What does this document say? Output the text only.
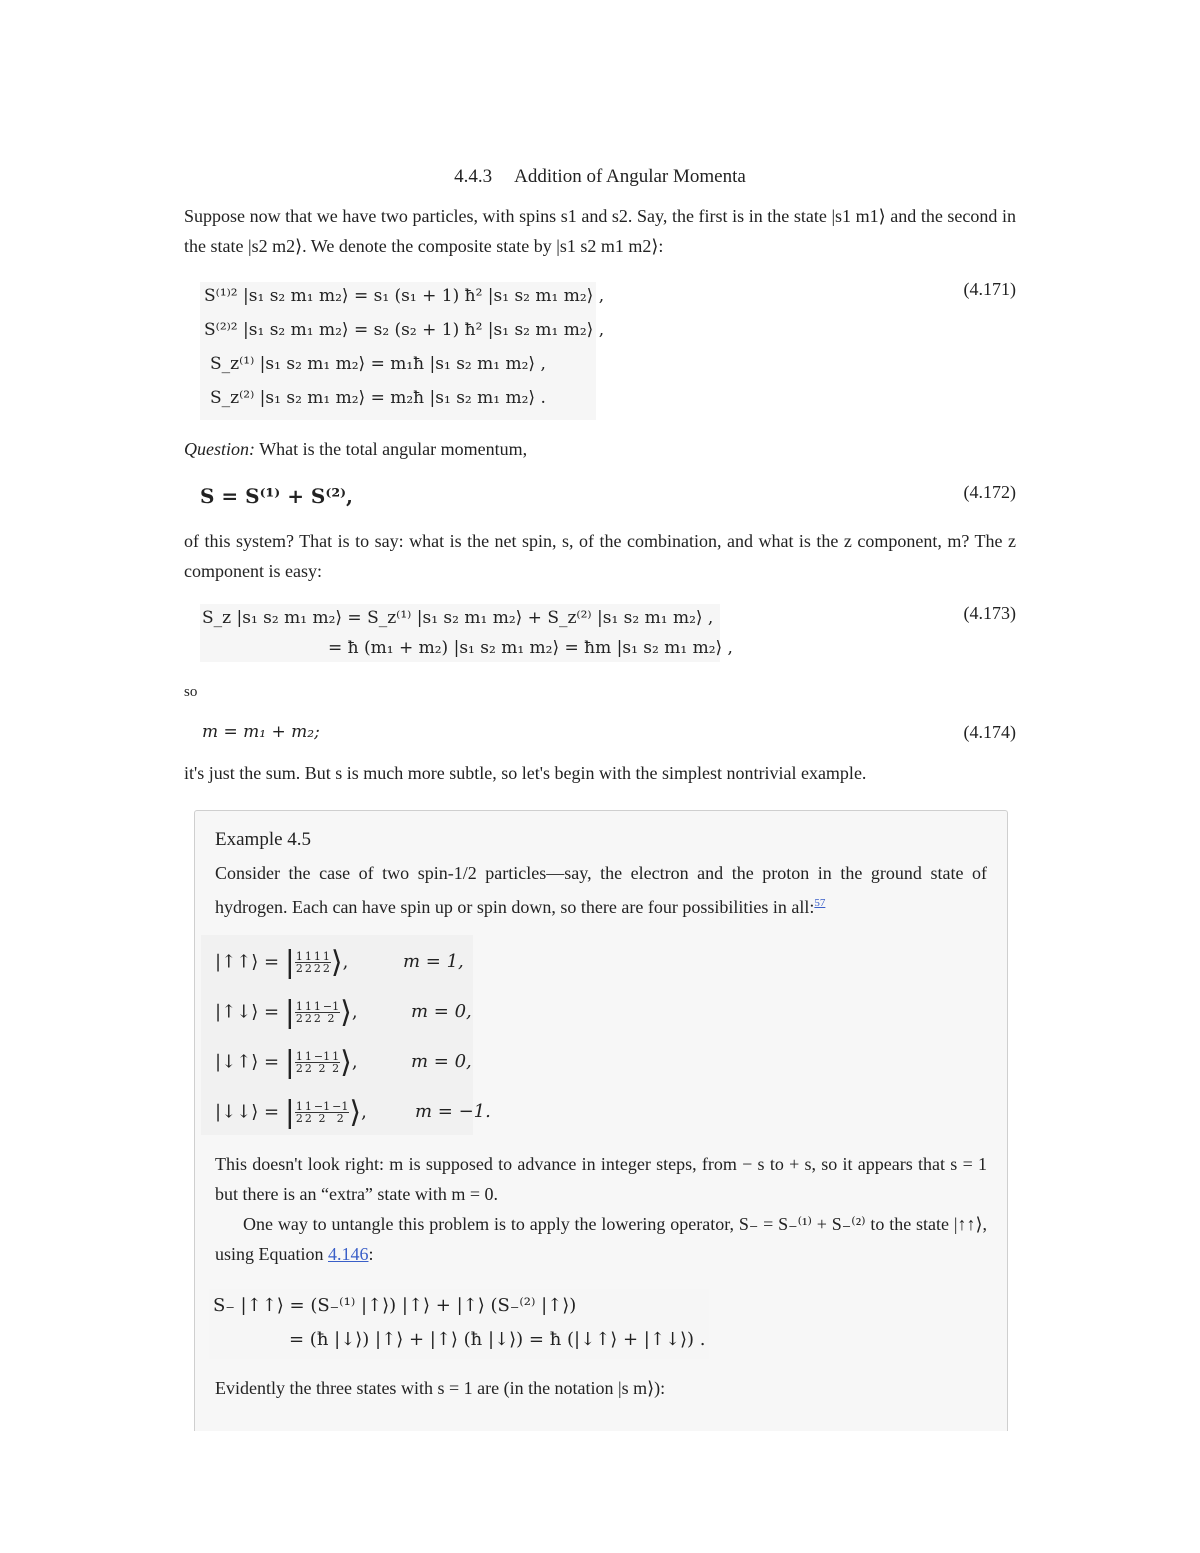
4.4.3 Addition of Angular Momenta
Suppose now that we have two particles, with spins s1 and s2. Say, the first is in the state |s1 m1⟩ and the second in the state |s2 m2⟩. We denote the composite state by |s1 s2 m1 m2⟩:
S⁽¹⁾² |s₁ s₂ m₁ m₂⟩ = s₁ (s₁ + 1) ħ² |s₁ s₂ m₁ m₂⟩ ,
S⁽²⁾² |s₁ s₂ m₁ m₂⟩ = s₂ (s₂ + 1) ħ² |s₁ s₂ m₁ m₂⟩ ,
S_z⁽¹⁾ |s₁ s₂ m₁ m₂⟩ = m₁ħ |s₁ s₂ m₁ m₂⟩ ,
S_z⁽²⁾ |s₁ s₂ m₁ m₂⟩ = m₂ħ |s₁ s₂ m₁ m₂⟩ .
(4.171)
Question: What is the total angular momentum,
S = S⁽¹⁾ + S⁽²⁾,	(4.172)
of this system? That is to say: what is the net spin, s, of the combination, and what is the z component, m? The z component is easy:
S_z |s₁ s₂ m₁ m₂⟩ = S_z⁽¹⁾ |s₁ s₂ m₁ m₂⟩ + S_z⁽²⁾ |s₁ s₂ m₁ m₂⟩ ,
= ħ (m₁ + m₂) |s₁ s₂ m₁ m₂⟩ = ħm |s₁ s₂ m₁ m₂⟩ ,
(4.173)
so
m = m₁ + m₂;	(4.174)
it's just the sum. But s is much more subtle, so let's begin with the simplest nontrivial example.
Example 4.5
Consider the case of two spin-1/2 particles—say, the electron and the proton in the ground state of hydrogen. Each can have spin up or spin down, so there are four possibilities in all:$^{57}$
|↑↑⟩ = | $\frac{1}{2} \frac{1}{2} \frac{1}{2} \frac{1}{2}$ ⟩,	m = 1,
|↑↓⟩ = | $\frac{1}{2} \frac{1}{2} \frac{1}{2} \frac{-1}{2}$ ⟩,	m = 0,
|↓↑⟩ = | $\frac{1}{2} \frac{1}{2} \frac{-1}{2} \frac{1}{2}$ ⟩,	m = 0,
|↓↓⟩ = | $\frac{1}{2} \frac{1}{2} \frac{-1}{2} \frac{-1}{2}$ ⟩,	m = −1.
This doesn't look right: m is supposed to advance in integer steps, from − s to + s, so it appears that s = 1 but there is an “extra” state with m = 0.
One way to untangle this problem is to apply the lowering operator, S₋ = S₋⁽¹⁾ + S₋⁽²⁾ to the state |↑↑⟩, using Equation 4.146:
S₋ |↑↑⟩ = (S₋⁽¹⁾ |↑⟩) |↑⟩ + |↑⟩ (S₋⁽²⁾ |↑⟩)
= (ħ |↓⟩) |↑⟩ + |↑⟩ (ħ |↓⟩) = ħ (|↓↑⟩ + |↑↓⟩) .
Evidently the three states with s = 1 are (in the notation |s m⟩):
